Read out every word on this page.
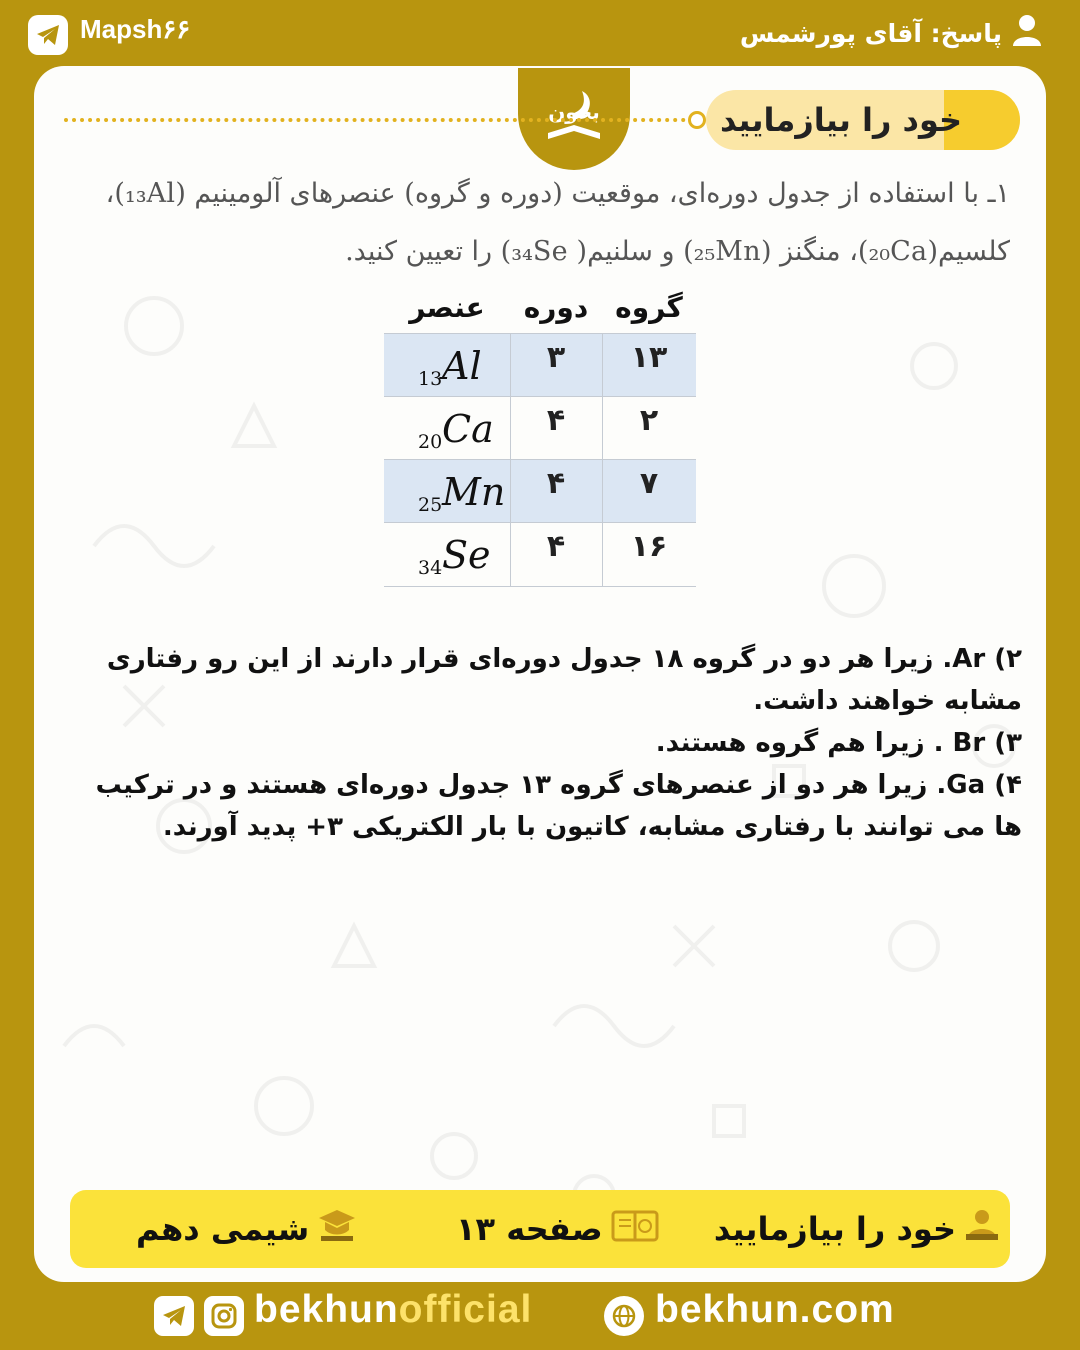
Mapsh۶۶	پاسخ: آقای پورشمس
بخون	خود را بیازمایید
۱ـ با استفاده از جدول دوره‌ای، موقعیت (دوره و گروه) عنصرهای آلومینیم (₁₃Al)،
کلسیم(₂₀Ca)، منگنز (₂₅Mn) و سلنیم( ₃₄Se) را تعیین کنید.
عنصر	دوره گروه
13 Al	۳	۱۳
20 Ca	۴	۲
25 Mn	۴	۷
34 Se	۴	۱۶

۲) Ar. زیرا هر دو در گروه ۱۸ جدول دوره‌ای قرار دارند از این رو رفتاری مشابه خواهند داشت.

۳) Br . زیرا هم گروه هستند.

۴) Ga. زیرا هر دو از عنصرهای گروه ۱۳ جدول دوره‌ای هستند و در ترکیب ها می توانند با رفتاری مشابه، کاتیون با بار الکتریکی ۳+ پدید آورند.

خود را بیازمایید
صفحه ۱۳
شیمی دهم
bekhunofficial	bekhun.com
